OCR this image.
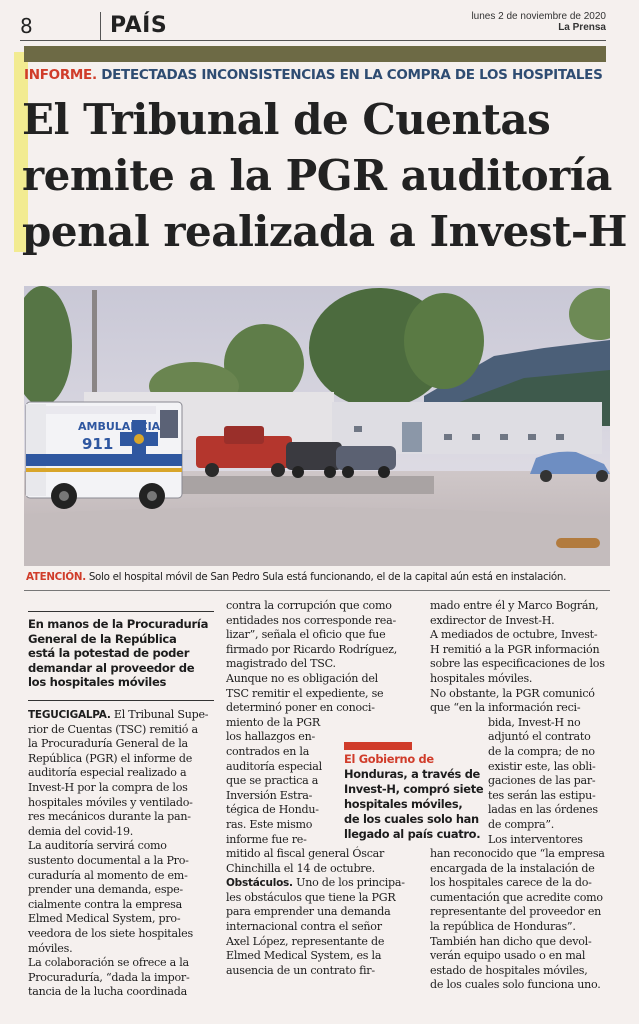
8	PAÍS	lunes 2 de noviembre de 2020
La Prensa
INFORME. DETECTADAS INCONSISTENCIAS EN LA COMPRA DE LOS HOSPITALES
El Tribunal de Cuentas
remite a la PGR auditoría
penal realizada a Invest-H
AMBULANCIA
911
ATENCIÓN. Solo el hospital móvil de San Pedro Sula está funcionando, el de la capital aún está en instalación.
En manos de la Procuraduría
General de la República
está la potestad de poder
demandar al proveedor de
los hospitales móviles

TEGUCIGALPA. El Tribunal Supe-
rior de Cuentas (TSC) remitió a
la Procuraduría General de la
República (PGR) el informe de
auditoría especial realizado a
Invest-H por la compra de los
hospitales móviles y ventilado-
res mecánicos durante la pan-
demia del covid-19.

La auditoría servirá como
sustento documental a la Pro-
curaduría al momento de em-
prender una demanda, espe-
cialmente contra la empresa
Elmed Medical System, pro-
veedora de los siete hospitales
móviles.

La colaboración se ofrece a la
Procuraduría, “dada la impor-
tancia de la lucha coordinada

contra la corrupción que como
entidades nos corresponde rea-
lizar”, señala el oficio que fue
firmado por Ricardo Rodríguez,
magistrado del TSC.

Aunque no es obligación del
TSC remitir el expediente, se
determinó poner en conoci-
miento de la PGR
los hallazgos en-
contrados en la
auditoría especial
que se practica a
Inversión Estra-
tégica de Hondu-
ras. Este mismo
informe fue re-
mitido al fiscal general Óscar
Chinchilla el 14 de octubre.

Obstáculos. Uno de los principa-
les obstáculos que tiene la PGR
para emprender una demanda
internacional contra el señor
Axel López, representante de
Elmed Medical System, es la
ausencia de un contrato fir-

mado entre él y Marco Bográn,
exdirector de Invest-H.

A mediados de octubre, Invest-
H remitió a la PGR información
sobre las especificaciones de los
hospitales móviles.

No obstante, la PGR comunicó
que “en la información reci-
bida, Invest-H no
adjuntó el contrato
de la compra; de no
existir este, las obli-
gaciones de las par-
tes serán las estipu-
ladas en las órdenes
de compra”.

Los interventores
han reconocido que “la empresa
encargada de la instalación de
los hospitales carece de la do-
cumentación que acredite como
representante del proveedor en
la república de Honduras”.

También han dicho que devol-
verán equipo usado o en mal
estado de hospitales móviles,
de los cuales solo funciona uno.

El Gobierno de
Honduras, a través de
Invest-H, compró siete
hospitales móviles,
de los cuales solo han
llegado al país cuatro.
